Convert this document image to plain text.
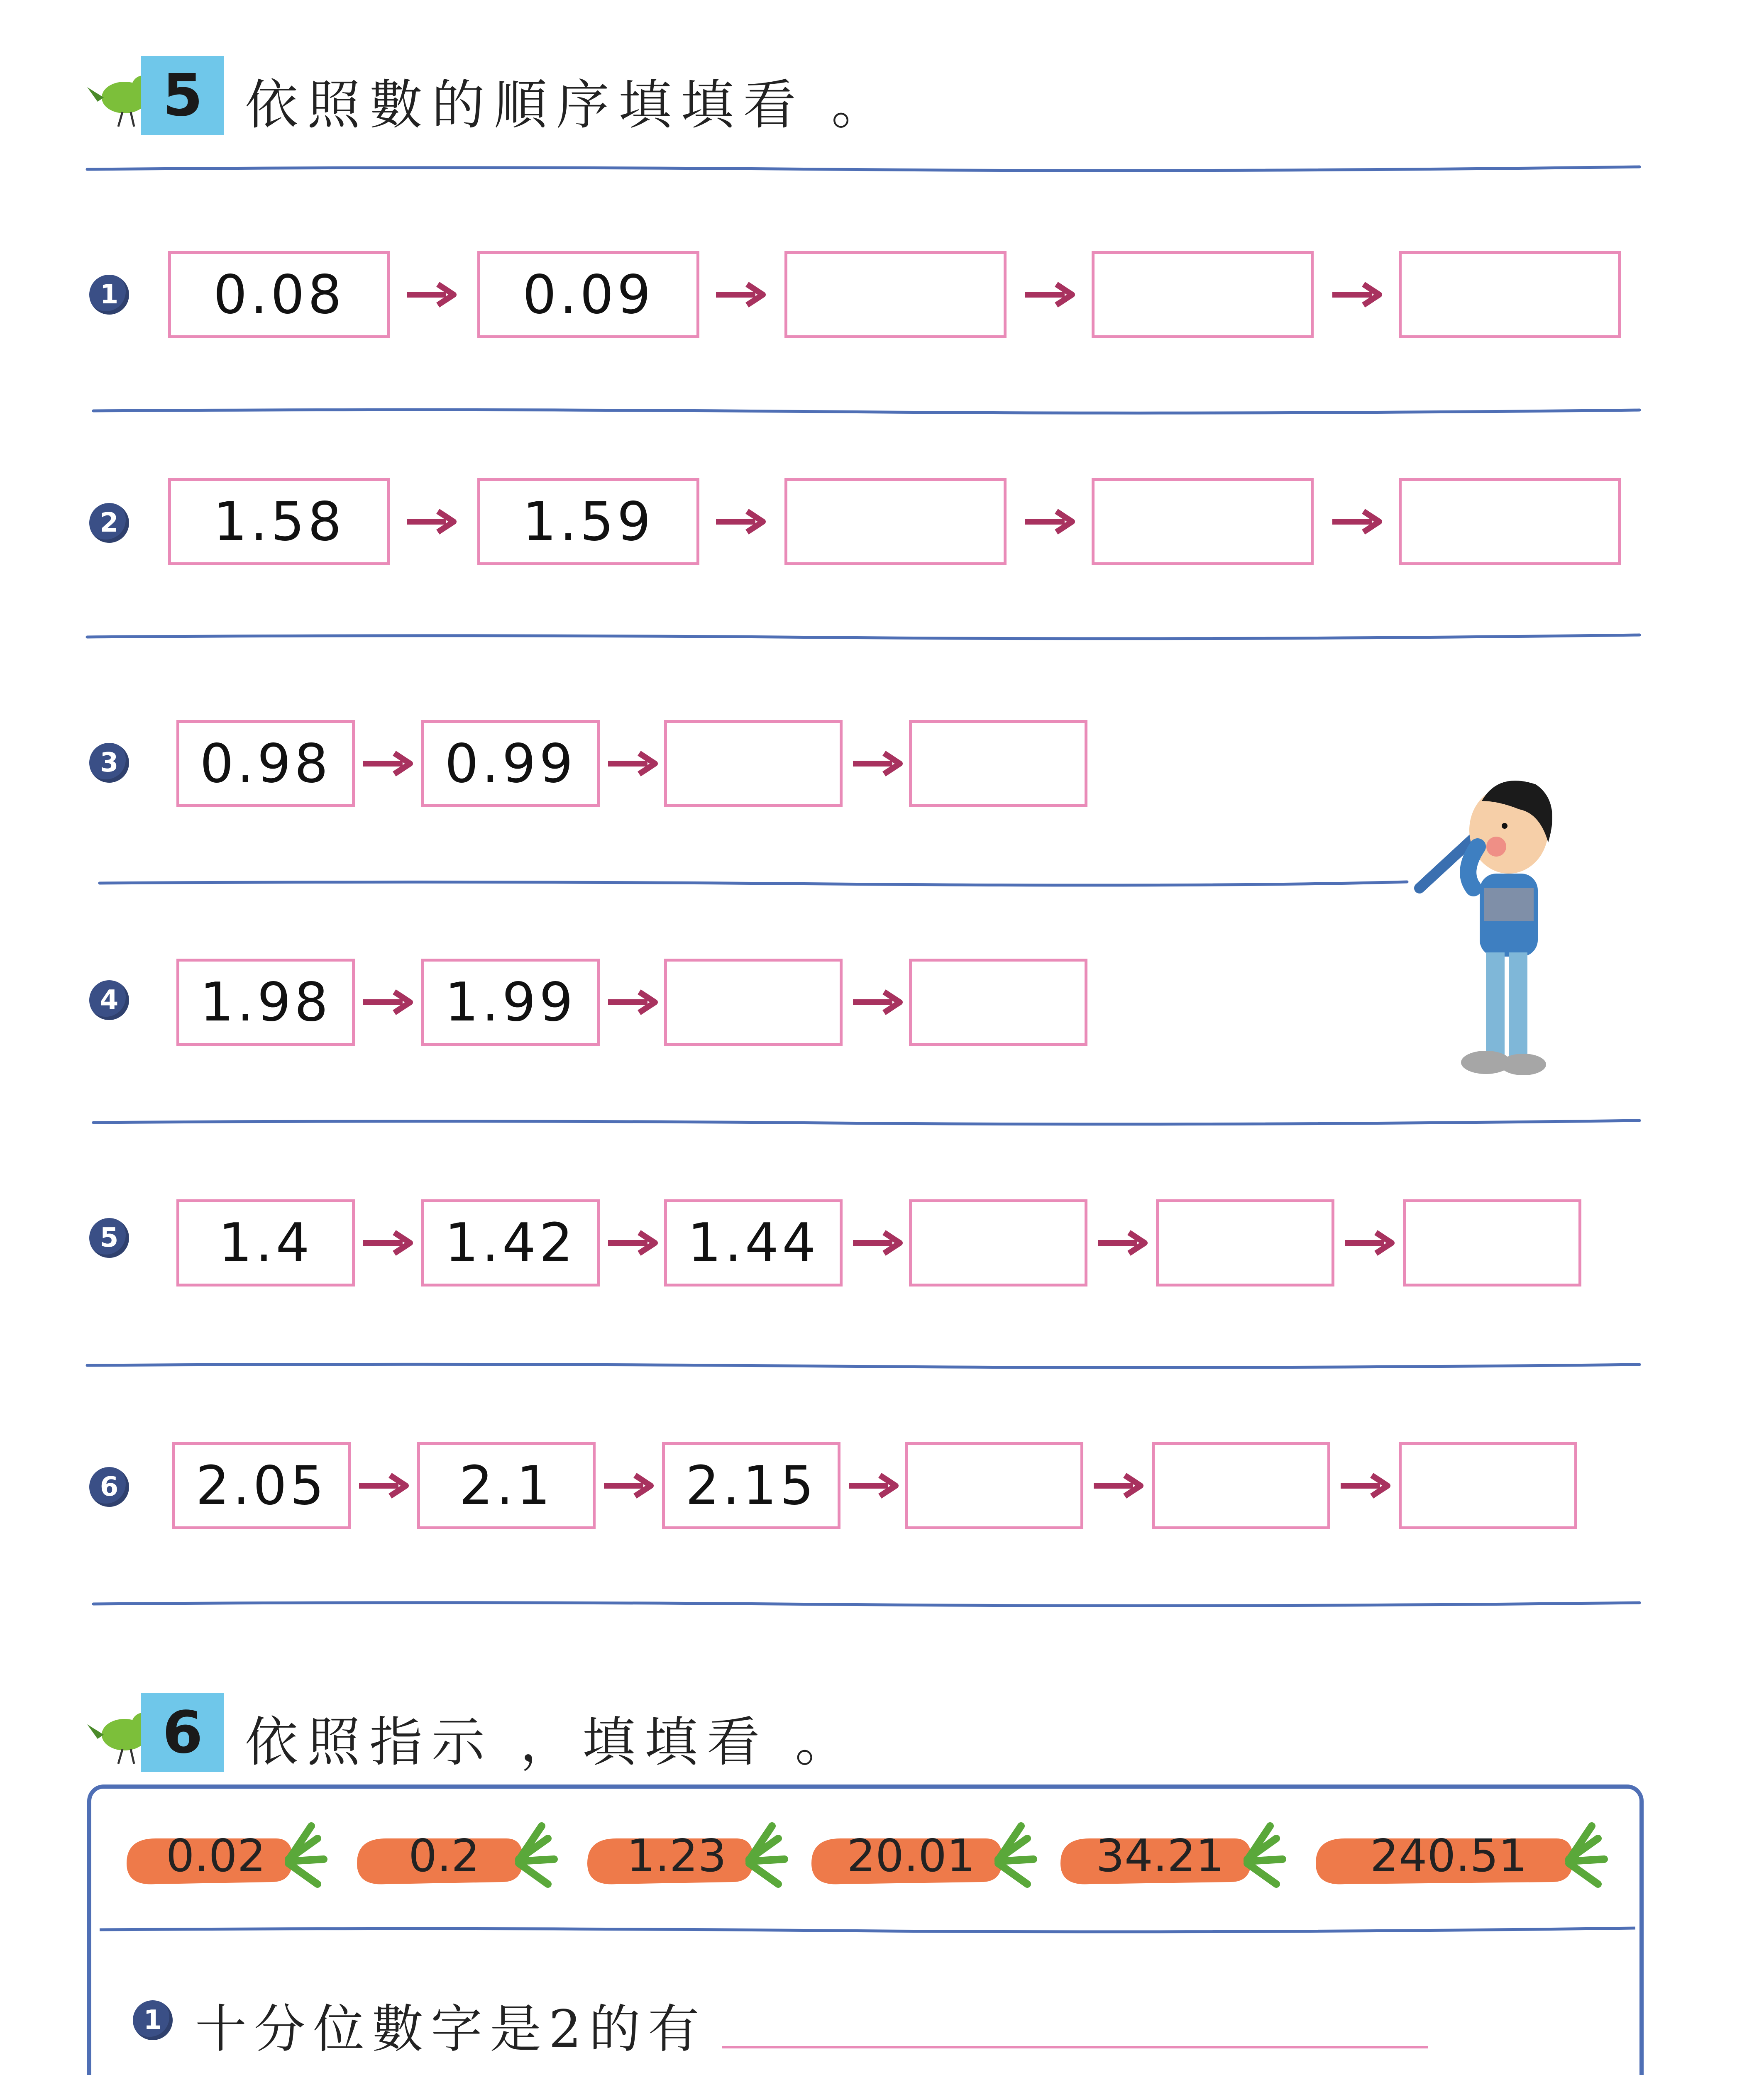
5 依照數的順序填填看 。
1	0.08	0.09
2	1.58	1.59
3	0.98	0.99
4	1.98	1.99
5	1.4	1.42	1.44
6	2.05	2.1	2.15
6 依照指示 ，填填看 。
0.02	0.2	1.23	20.01	34.21	240.51
1 十分位數字是2的有
